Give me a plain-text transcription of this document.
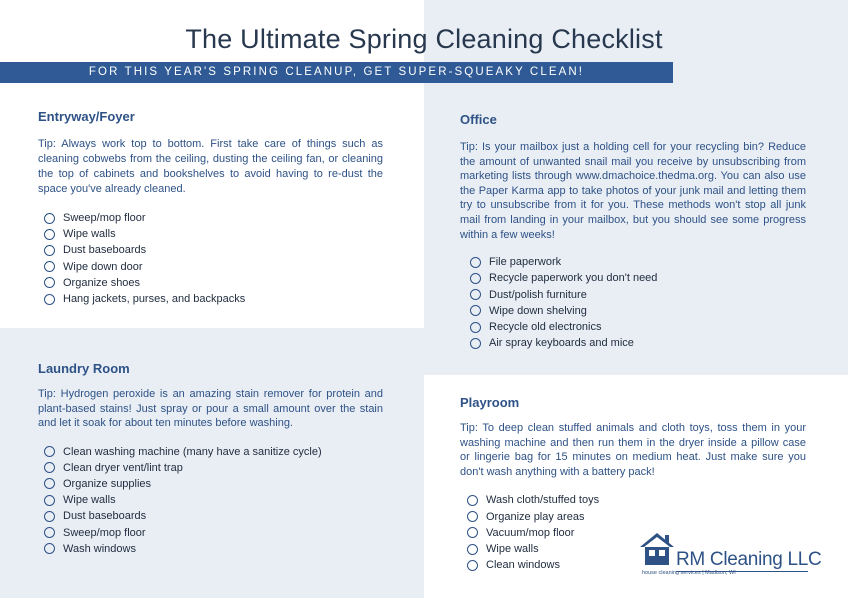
The Ultimate Spring Cleaning Checklist
FOR THIS YEAR'S SPRING CLEANUP, GET SUPER-SQUEAKY CLEAN!
Entryway/Foyer

Tip: Always work top to bottom. First take care of things such as cleaning cobwebs from the ceiling, dusting the ceiling fan, or cleaning the top of cabinets and bookshelves to avoid having to re-dust the space you've already cleaned.

Sweep/mop floor
Wipe walls
Dust baseboards
Wipe down door
Organize shoes
Hang jackets, purses, and backpacks
Office

Tip: Is your mailbox just a holding cell for your recycling bin? Reduce the amount of unwanted snail mail you receive by unsubscribing from marketing lists through www.dmachoice.thedma.org. You can also use the Paper Karma app to take photos of your junk mail and letting them try to unsubscribe from it for you. These methods won't stop all junk mail from landing in your mailbox, but you should see some progress within a few weeks!

File paperwork
Recycle paperwork you don't need
Dust/polish furniture
Wipe down shelving
Recycle old electronics
Air spray keyboards and mice
Laundry Room

Tip: Hydrogen peroxide is an amazing stain remover for protein and plant-based stains! Just spray or pour a small amount over the stain and let it soak for about ten minutes before washing.

Clean washing machine (many have a sanitize cycle)
Clean dryer vent/lint trap
Organize supplies
Wipe walls
Dust baseboards
Sweep/mop floor
Wash windows
Playroom

Tip: To deep clean stuffed animals and cloth toys, toss them in your washing machine and then run them in the dryer inside a pillow case or lingerie bag for 15 minutes on medium heat. Just make sure you don't wash anything with a battery pack!

Wash cloth/stuffed toys
Organize play areas
Vacuum/mop floor
Wipe walls
Clean windows	RM Cleaning LLC
house cleaning services | Madison, WI
